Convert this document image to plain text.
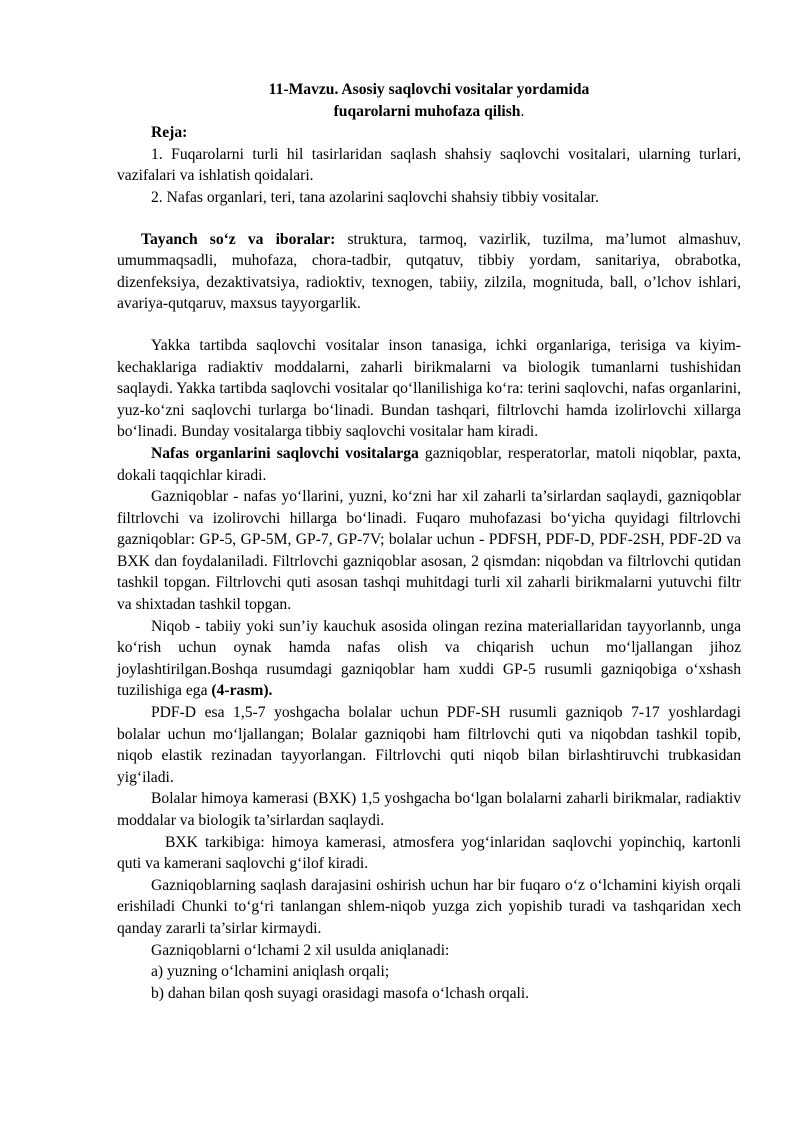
11-Mavzu. Asosiy saqlovchi vositalar yordamida
fuqarolarni muhofaza qilish.

Reja:

1. Fuqarolarni turli hil tasirlaridan saqlash shahsiy saqlovchi vositalari, ularning turlari, vazifalari va ishlatish qoidalari.

2. Nafas organlari, teri, tana azolarini saqlovchi shahsiy tibbiy vositalar.

Tayanch so‘z va iboralar: struktura, tarmoq, vazirlik, tuzilma, ma’lumot almashuv, umummaqsadli, muhofaza, chora-tadbir, qutqatuv, tibbiy yordam, sanitariya, obrabotka, dizenfeksiya, dezaktivatsiya, radioktiv, texnogen, tabiiy, zilzila, mognituda, ball, o’lchov ishlari, avariya-qutqaruv, maxsus tayyorgarlik.

Yakka tartibda saqlovchi vositalar inson tanasiga, ichki organlariga, terisiga va kiyim-kechaklariga radiaktiv moddalarni, zaharli birikmalarni va biologik tumanlarni tushishidan saqlaydi. Yakka tartibda saqlovchi vositalar qo‘llanilishiga ko‘ra: terini saqlovchi, nafas organlarini, yuz-ko‘zni saqlovchi turlarga bo‘linadi. Bundan tashqari, filtrlovchi hamda izolirlovchi xillarga bo‘linadi. Bunday vositalarga tibbiy saqlovchi vositalar ham kiradi.

Nafas organlarini saqlovchi vositalarga gazniqoblar, resperatorlar, matoli niqoblar, paxta, dokali taqqichlar kiradi.

Gazniqoblar - nafas yo‘llarini, yuzni, ko‘zni har xil zaharli ta’sirlardan saqlaydi, gazniqoblar filtrlovchi va izolirovchi hillarga bo‘linadi. Fuqaro muhofazasi bo‘yicha quyidagi filtrlovchi gazniqoblar: GP-5, GP-5M, GP-7, GP-7V; bolalar uchun - PDFSH, PDF-D, PDF-2SH, PDF-2D va BXK dan foydalaniladi. Filtrlovchi gazniqoblar asosan, 2 qismdan: niqobdan va filtrlovchi qutidan tashkil topgan. Filtrlovchi quti asosan tashqi muhitdagi turli xil zaharli birikmalarni yutuvchi filtr va shixtadan tashkil topgan.

Niqob - tabiiy yoki sun’iy kauchuk asosida olingan rezina materiallaridan tayyorlannb, unga ko‘rish uchun oynak hamda nafas olish va chiqarish uchun mo‘ljallangan jihoz joylashtirilgan.Boshqa rusumdagi gazniqoblar ham xuddi GP-5 rusumli gazniqobiga o‘xshash tuzilishiga ega (4-rasm).

PDF-D esa 1,5-7 yoshgacha bolalar uchun PDF-SH rusumli gazniqob 7-17 yoshlardagi bolalar uchun mo‘ljallangan; Bolalar gazniqobi ham filtrlovchi quti va niqobdan tashkil topib, niqob elastik rezinadan tayyorlangan. Filtrlovchi quti niqob bilan birlashtiruvchi trubkasidan yig‘iladi.

Bolalar himoya kamerasi (BXK) 1,5 yoshgacha bo‘lgan bolalarni zaharli birikmalar, radiaktiv moddalar va biologik ta’sirlardan saqlaydi.

BXK tarkibiga: himoya kamerasi, atmosfera yog‘inlaridan saqlovchi yopinchiq, kartonli quti va kamerani saqlovchi g‘ilof kiradi.

Gazniqoblarning saqlash darajasini oshirish uchun har bir fuqaro o‘z o‘lchamini kiyish orqali erishiladi Chunki to‘g‘ri tanlangan shlem-niqob yuzga zich yopishib turadi va tashqaridan xech qanday zararli ta’sirlar kirmaydi.

Gazniqoblarni o‘lchami 2 xil usulda aniqlanadi:

a) yuzning o‘lchamini aniqlash orqali;

b) dahan bilan qosh suyagi orasidagi masofa o‘lchash orqali.
